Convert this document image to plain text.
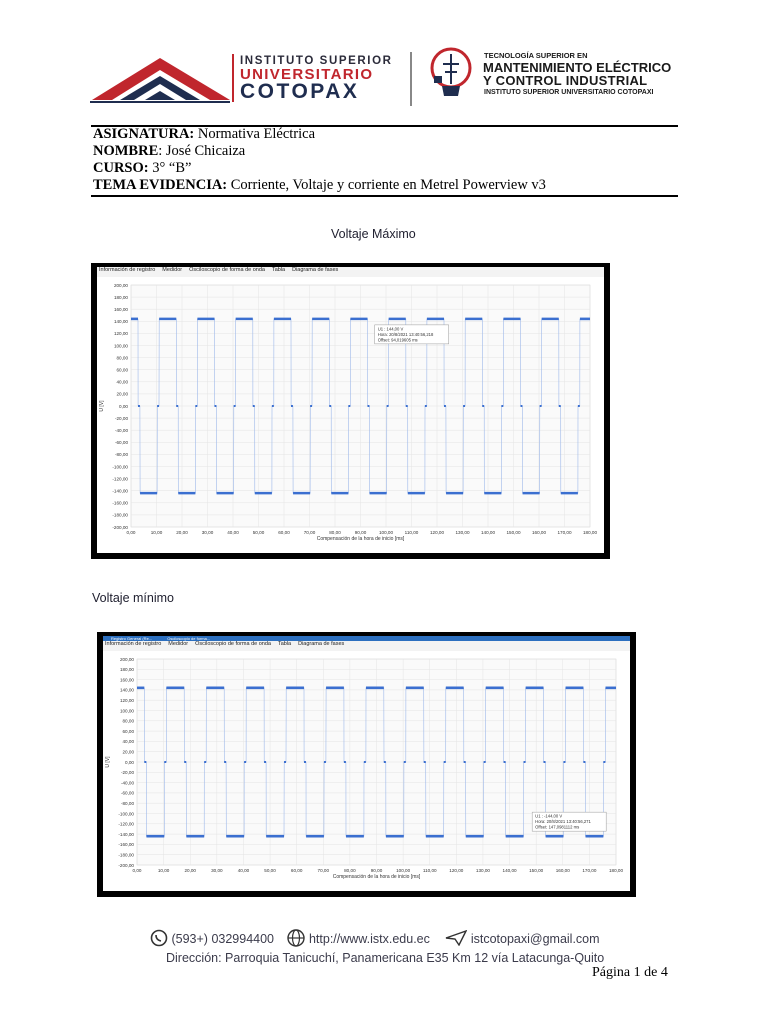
INSTITUTO SUPERIOR
UNIVERSITARIO
COTOPAX
TECNOLOGÍA SUPERIOR EN
MANTENIMIENTO ELÉCTRICO
Y CONTROL INDUSTRIAL
INSTITUTO SUPERIOR UNIVERSITARIO COTOPAXI
ASIGNATURA: Normativa Eléctrica
NOMBRE: José Chicaiza
CURSO: 3° “B”
TEMA EVIDENCIA: Corriente, Voltaje y corriente en Metrel Powerview v3
Voltaje Máximo
Información de registro Medidor Osciloscopio de forma de onda Tabla Diagrama de fases
200,00
180,00
160,00
140,00
120,00
100,00
80,00
60,00
40,00
20,00
0,00
-20,00
-40,00
-60,00
-80,00
-100,00
-120,00
-140,00
-160,00
-180,00
-200,00
0,00	10,00	20,00	30,00	40,00	50,00	60,00	70,00	80,00	90,00	100,00	110,00	120,00 130,00 140,00 150,00 160,00 170,00 180,00
Compensación de la hora de inicio [ms]
U [V]
U1 : 144,00 V
Hora: 20/8/2021 13:40:56,218
Offset: 94,019605 ms
Voltaje mínimo
Registro General (Re...	Osciloscopio de forma...
Información de registro Medidor Osciloscopio de forma de onda Tabla Diagrama de fases
200,00
180,00
160,00
140,00
120,00
100,00
80,00
60,00
40,00
20,00
0,00
-20,00
-40,00
-60,00
-80,00
-100,00
-120,00
-140,00
-160,00
-180,00
-200,00
0,00	10,00	20,00	30,00	40,00	50,00	60,00	70,00	80,00	90,00	100,00	110,00	120,00	130,00	140,00	150,00	160,00	170,00	180,00
Compensación de la hora de inicio [ms]
U [V]
U1 : -144,00 V
Hora: 20/8/2021 13:40:56,271
Offset: 147,0981112 ms
(593+) 032994400	http://www.istx.edu.ec	istcotopaxi@gmail.com
Dirección: Parroquia Tanicuchí, Panamericana E35 Km 12 vía Latacunga-Quito
Página 1 de 4
